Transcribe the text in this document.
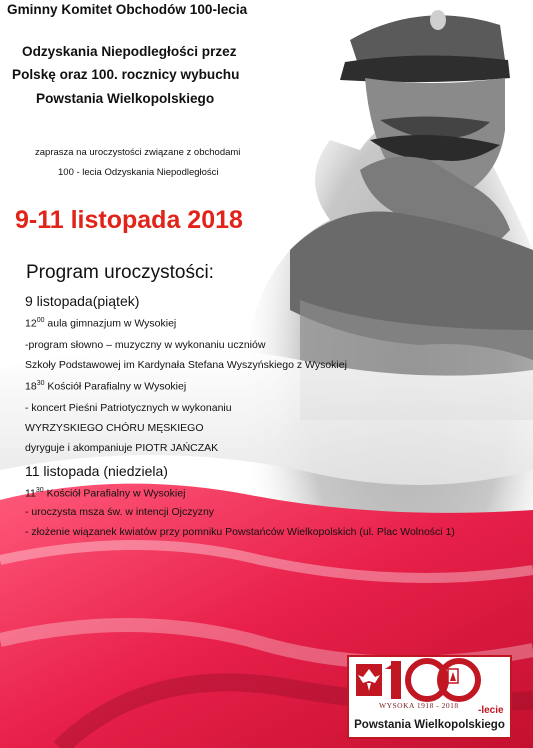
Gminny Komitet Obchodów 100-lecia

Odzyskania Niepodległości przez

Polskę oraz 100. rocznicy wybuchu

Powstania Wielkopolskiego

zaprasza na uroczystości związane z obchodami

100 - lecia Odzyskania Niepodległości

9-11 listopada 2018

Program uroczystości:

9 listopada(piątek)

$12^{00}$ aula gimnazjum w Wysokiej

-program słowno – muzyczny w wykonaniu uczniów

Szkoły Podstawowej im Kardynała Stefana Wyszyńskiego z Wysokiej

$18^{30}$ Kościół Parafialny w Wysokiej

- koncert Pieśni Patriotycznych w wykonaniu

WYRZYSKIEGO CHÓRU MĘSKIEGO

dyryguje i akompaniuje PIOTR JAŃCZAK

11 listopada (niedziela)

$11^{30}$ Kościół Parafialny w Wysokiej

- uroczysta msza św. w intencji Ojczyzny

- złożenie wiązanek kwiatów przy pomniku Powstańców Wielkopolskich (ul. Plac Wolności 1)

WYSOKA 1918 - 2018 -lecie
Powstania Wielkopolskiego
